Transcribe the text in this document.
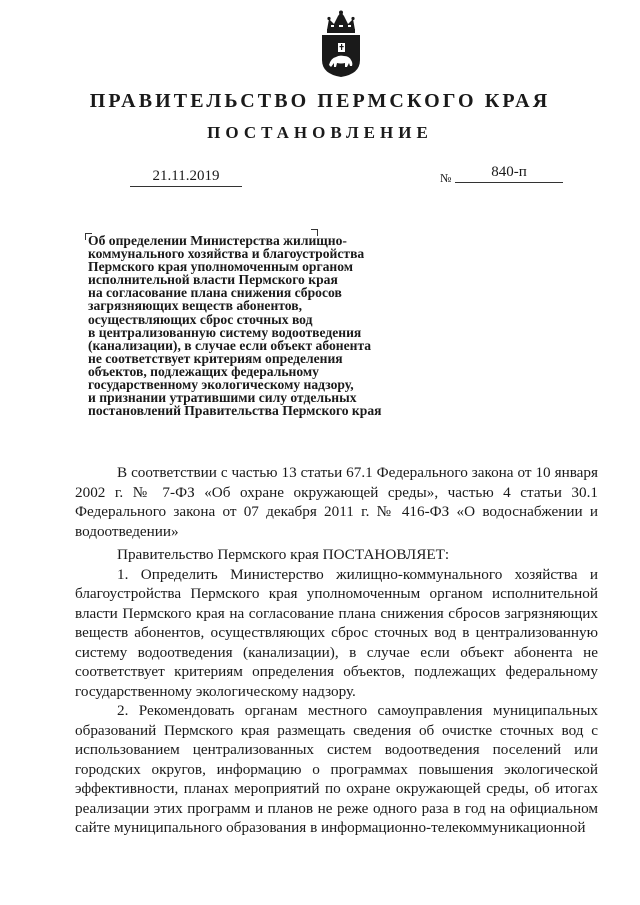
ПРАВИТЕЛЬСТВО ПЕРМСКОГО КРАЯ
ПОСТАНОВЛЕНИЕ
21.11.2019	№	840-п
Об определении Министерства жилищно-
коммунального хозяйства и благоустройства
Пермского края уполномоченным органом
исполнительной власти Пермского края
на согласование плана снижения сбросов
загрязняющих веществ абонентов,
осуществляющих сброс сточных вод
в централизованную систему водоотведения
(канализации), в случае если объект абонента
не соответствует критериям определения
объектов, подлежащих федеральному
государственному экологическому надзору,
и признании утратившими силу отдельных
постановлений Правительства Пермского края

В соответствии с частью 13 статьи 67.1 Федерального закона от 10 января 2002 г. № 7-ФЗ «Об охране окружающей среды», частью 4 статьи 30.1 Федерального закона от 07 декабря 2011 г. № 416-ФЗ «О водоснабжении и водоотведении»

Правительство Пермского края ПОСТАНОВЛЯЕТ:

1. Определить Министерство жилищно-коммунального хозяйства и благоустройства Пермского края уполномоченным органом исполнительной власти Пермского края на согласование плана снижения сбросов загрязняющих веществ абонентов, осуществляющих сброс сточных вод в централизованную систему водоотведения (канализации), в случае если объект абонента не соответствует критериям определения объектов, подлежащих федеральному государственному экологическому надзору.

2. Рекомендовать органам местного самоуправления муниципальных образований Пермского края размещать сведения об очистке сточных вод с использованием централизованных систем водоотведения поселений или городских округов, информацию о программах повышения экологической эффективности, планах мероприятий по охране окружающей среды, об итогах реализации этих программ и планов не реже одного раза в год на официальном сайте муниципального образования в информационно-телекоммуникационной
